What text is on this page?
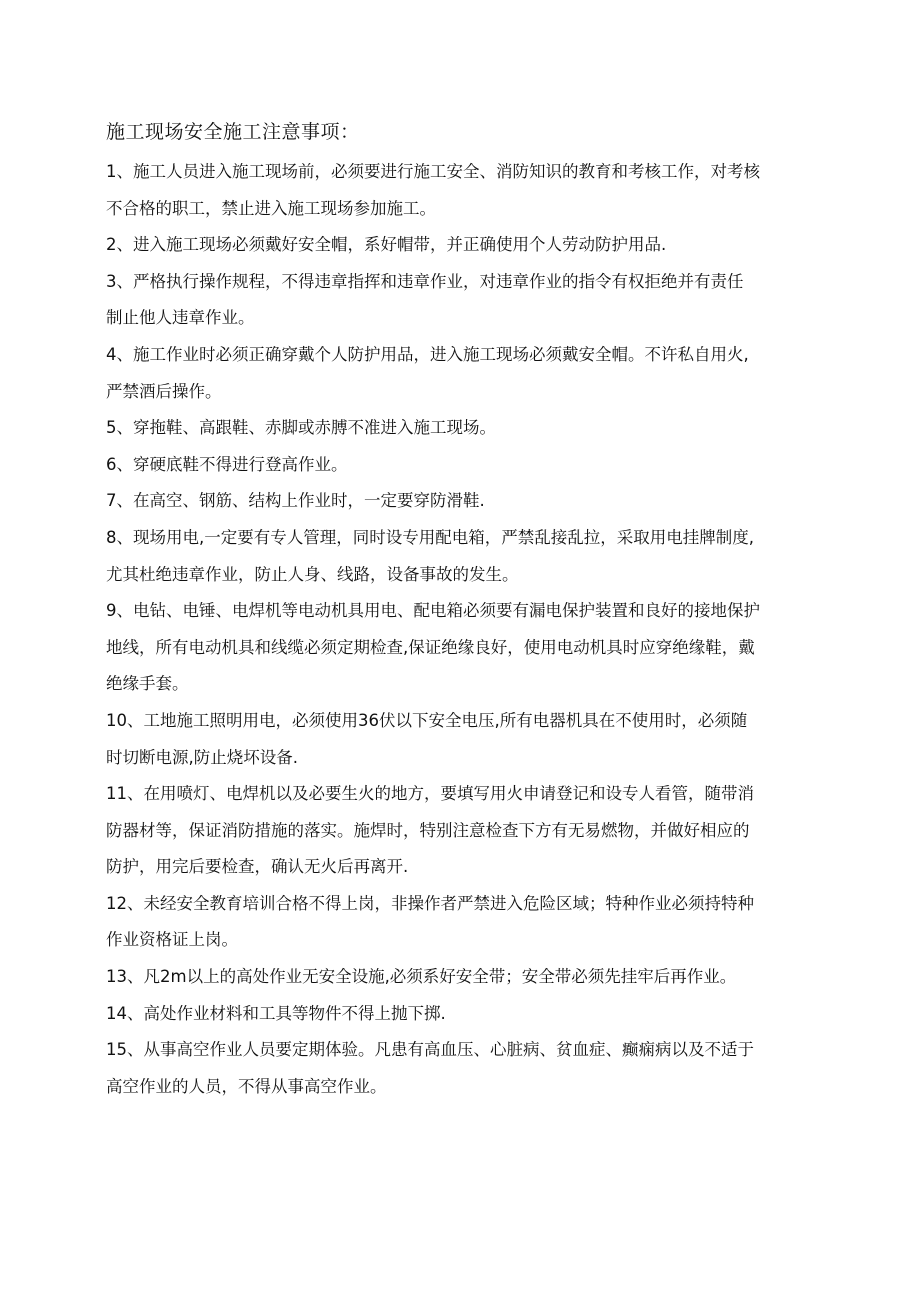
施工现场安全施工注意事项：
1、施工人员进入施工现场前，必须要进行施工安全、消防知识的教育和考核工作，对考核
不合格的职工，禁止进入施工现场参加施工。
2、进入施工现场必须戴好安全帽，系好帽带，并正确使用个人劳动防护用品.
3、严格执行操作规程，不得违章指挥和违章作业，对违章作业的指令有权拒绝并有责任
制止他人违章作业。
4、施工作业时必须正确穿戴个人防护用品，进入施工现场必须戴安全帽。不许私自用火,
严禁酒后操作。
5、穿拖鞋、高跟鞋、赤脚或赤膊不准进入施工现场。
6、穿硬底鞋不得进行登高作业。
7、在高空、钢筋、结构上作业时，一定要穿防滑鞋.
8、现场用电,一定要有专人管理，同时设专用配电箱，严禁乱接乱拉，采取用电挂牌制度,
尤其杜绝违章作业，防止人身、线路，设备事故的发生。
9、电钻、电锤、电焊机等电动机具用电、配电箱必须要有漏电保护装置和良好的接地保护
地线，所有电动机具和线缆必须定期检查,保证绝缘良好，使用电动机具时应穿绝缘鞋，戴
绝缘手套。
10、工地施工照明用电，必须使用36伏以下安全电压,所有电器机具在不使用时，必须随
时切断电源,防止烧坏设备.
11、在用喷灯、电焊机以及必要生火的地方，要填写用火申请登记和设专人看管，随带消
防器材等，保证消防措施的落实。施焊时，特别注意检查下方有无易燃物，并做好相应的
防护，用完后要检查，确认无火后再离开.
12、未经安全教育培训合格不得上岗，非操作者严禁进入危险区域；特种作业必须持特种
作业资格证上岗。
13、凡2m以上的高处作业无安全设施,必须系好安全带；安全带必须先挂牢后再作业。
14、高处作业材料和工具等物件不得上抛下掷.
15、从事高空作业人员要定期体验。凡患有高血压、心脏病、贫血症、癫痫病以及不适于
高空作业的人员，不得从事高空作业。
